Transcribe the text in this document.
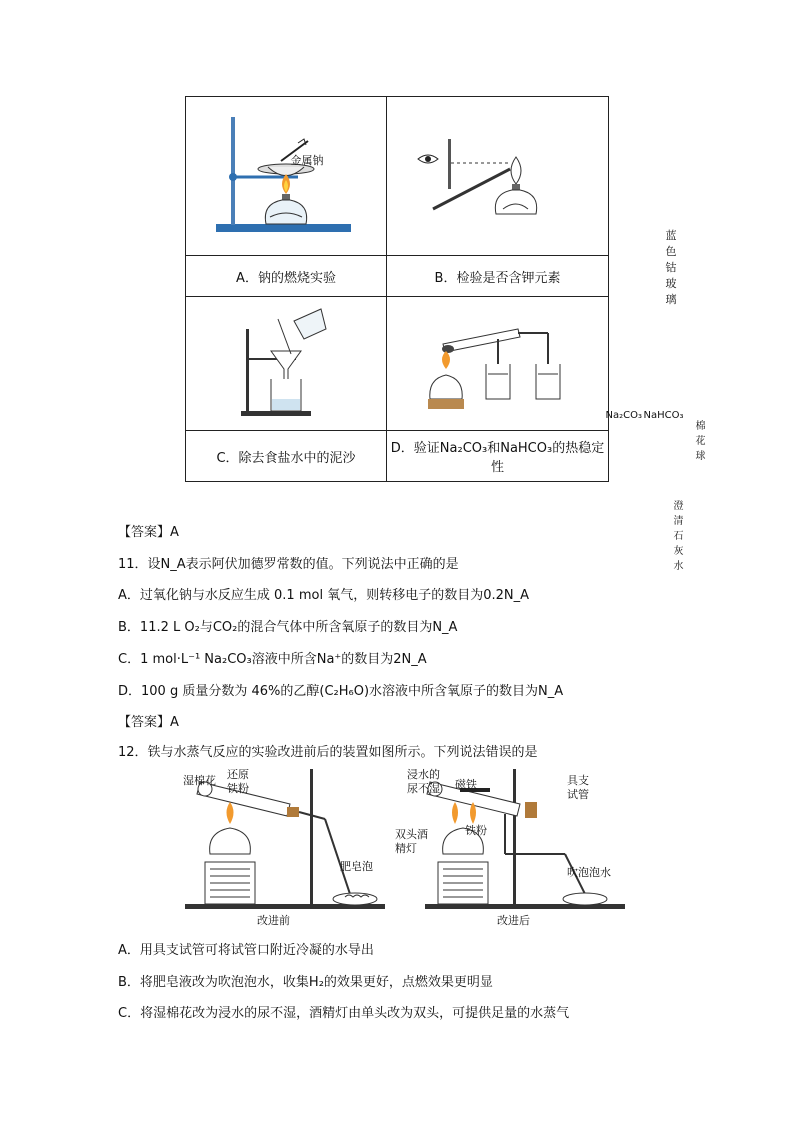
金属钠	蓝色钴玻璃

A．钠的燃烧实验	B．检验是否含钾元素

Na₂CO₃ NaHCO₃
棉花球
澄清石灰水

C．除去食盐水中的泥沙	D．验证Na₂CO₃和NaHCO₃的热稳定性
【答案】A
11．设N_A表示阿伏加德罗常数的值。下列说法中正确的是
A．过氧化钠与水反应生成 0.1 mol 氧气，则转移电子的数目为0.2N_A
B．11.2 L O₂与CO₂的混合气体中所含氧原子的数目为N_A
C．1 mol·L⁻¹ Na₂CO₃溶液中所含Na⁺的数目为2N_A
D．100 g 质量分数为 46%的乙醇(C₂H₆O)水溶液中所含氧原子的数目为N_A
【答案】A
12．铁与水蒸气反应的实验改进前后的装置如图所示。下列说法错误的是
湿棉花 还原
铁粉
肥皂泡
改进前
浸水的
尿不湿 磁铁
铁粉
双头酒
精灯
具支
试管
吹泡泡水
改进后
A．用具支试管可将试管口附近冷凝的水导出
B．将肥皂液改为吹泡泡水，收集H₂的效果更好，点燃效果更明显
C．将湿棉花改为浸水的尿不湿，酒精灯由单头改为双头，可提供足量的水蒸气
